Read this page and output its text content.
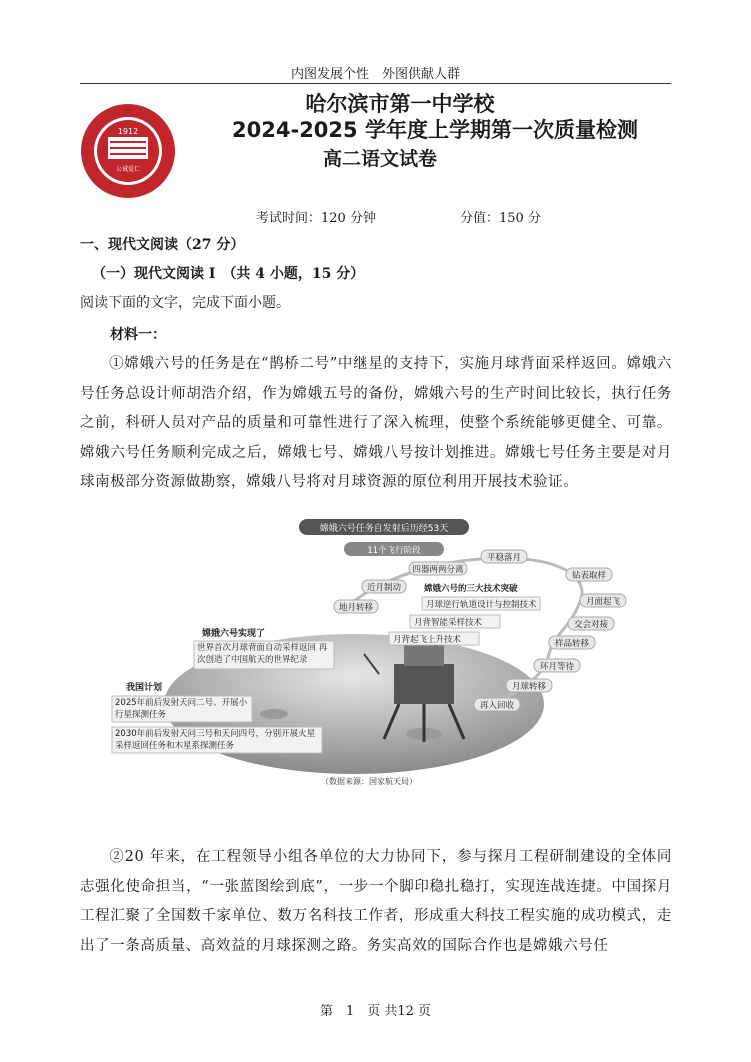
内图发展个性　外图供献人群
1912
公诚爱仁
哈尔滨市第一中学校
2024-2025 学年度上学期第一次质量检测
高二语文试卷
考试时间：120 分钟	分值：150 分
一、现代文阅读（27 分）
（一）现代文阅读 I　（共 4 小题，15 分）
阅读下面的文字，完成下面小题。
材料一：

①嫦娥六号的任务是在“鹊桥二号”中继星的支持下，实施月球背面采样返回。嫦娥六号任务总设计师胡浩介绍，作为嫦娥五号的备份，嫦娥六号的生产时间比较长，执行任务之前，科研人员对产品的质量和可靠性进行了深入梳理，使整个系统能够更健全、可靠。嫦娥六号任务顺利完成之后，嫦娥七号、嫦娥八号按计划推进。嫦娥七号任务主要是对月球南极部分资源做勘察，嫦娥八号将对月球资源的原位利用开展技术验证。

嫦娥六号任务自发射后历经53天
11个飞行阶段
地月转移
近月制动
四器两两分离
平稳落月
钻表取样
月面起飞
交会对接
样品转移
环月等待
月球转移
再入回收
嫦娥六号的三大技术突破
月球逆行轨道设计与控制技术
月背智能采样技术
月背起飞上升技术
嫦娥六号实现了
世界首次月球背面自动采样返回 再次创造了中国航天的世界纪录
我国计划
2025年前后发射天问二号、开展小行星探测任务
2030年前后发射天问三号和天问四号，分别开展火星采样返回任务和木星系探测任务
（数据来源：国家航天局）

②20 年来，在工程领导小组各单位的大力协同下，参与探月工程研制建设的全体同志强化使命担当，“一张蓝图绘到底”，一步一个脚印稳扎稳打，实现连战连捷。中国探月工程汇聚了全国数千家单位、数万名科技工作者，形成重大科技工程实施的成功模式，走出了一条高质量、高效益的月球探测之路。务实高效的国际合作也是嫦娥六号任

第　1　页 共12 页
